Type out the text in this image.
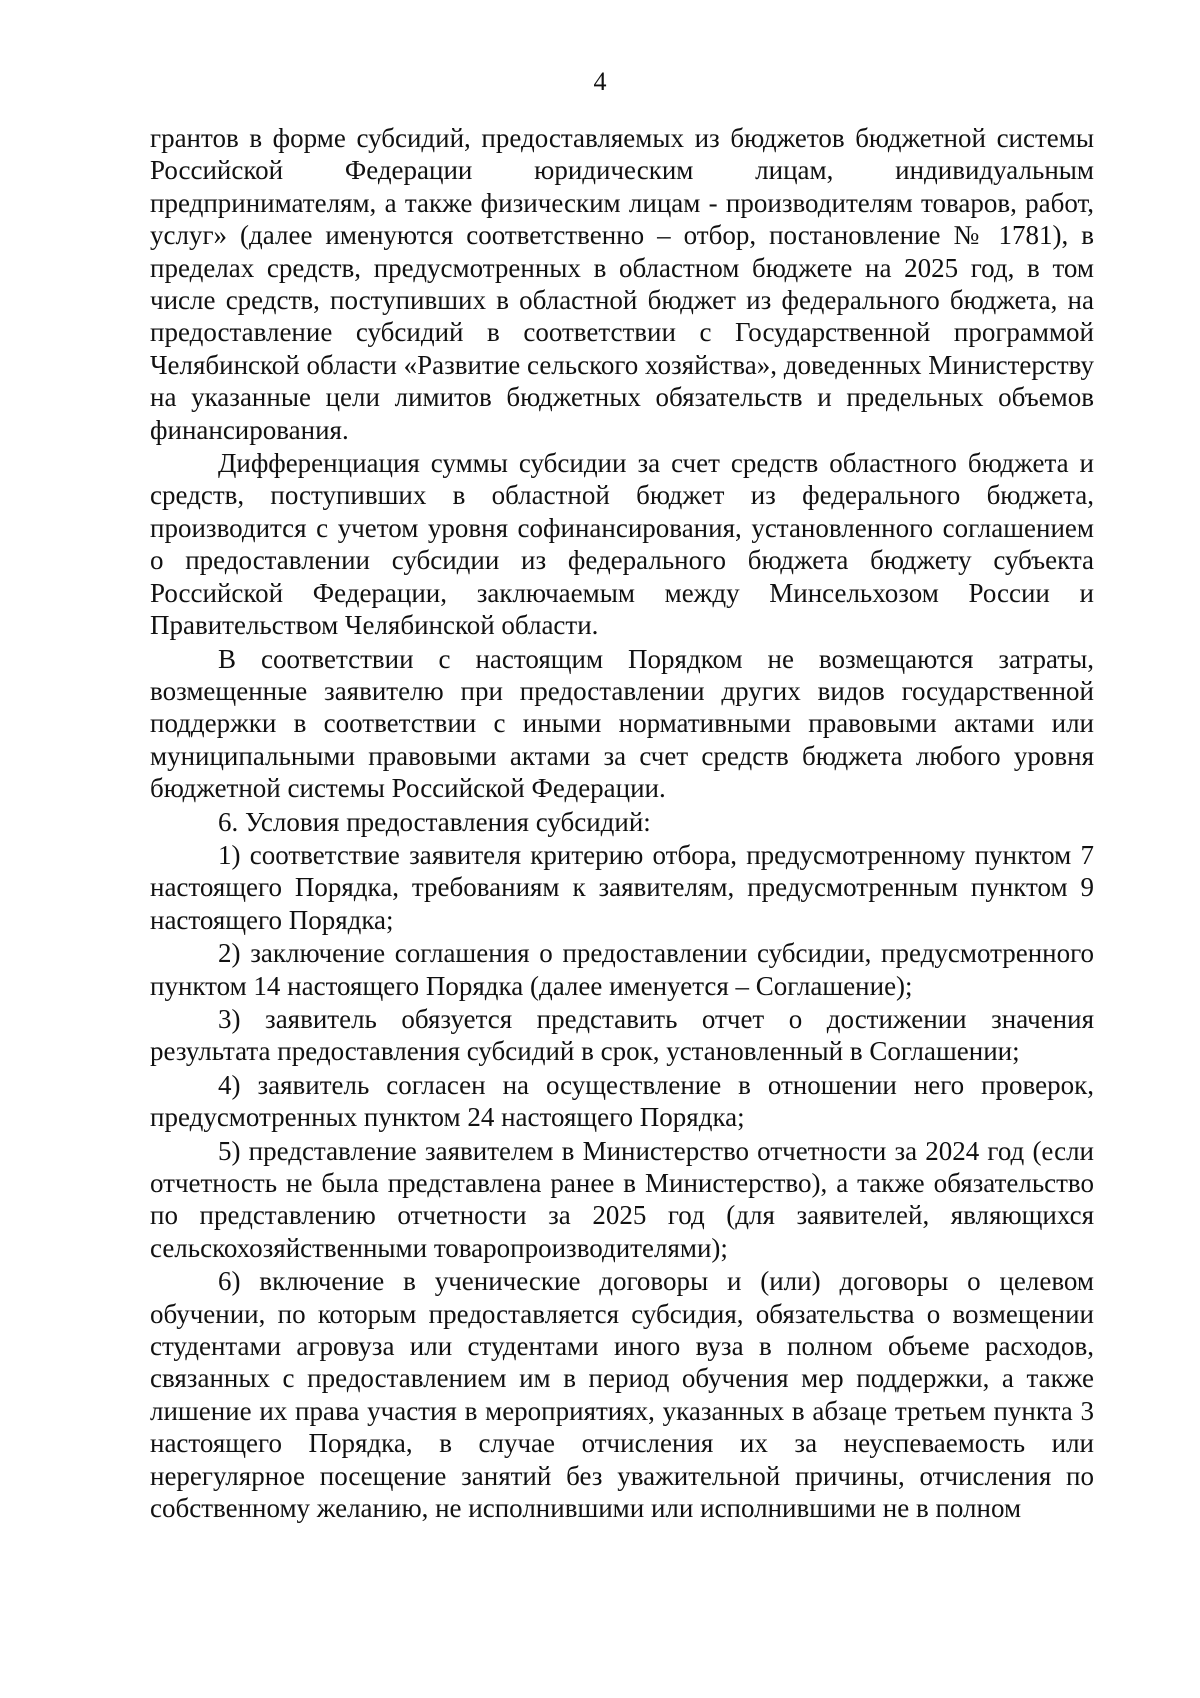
4

грантов в форме субсидий, предоставляемых из бюджетов бюджетной системы Российской Федерации юридическим лицам, индивидуальным предпринимателям, а также физическим лицам - производителям товаров, работ, услуг» (далее именуются соответственно – отбор, постановление № 1781), в пределах средств, предусмотренных в областном бюджете на 2025 год, в том числе средств, поступивших в областной бюджет из федерального бюджета, на предоставление субсидий в соответствии с Государственной программой Челябинской области «Развитие сельского хозяйства», доведенных Министерству на указанные цели лимитов бюджетных обязательств и предельных объемов финансирования.

Дифференциация суммы субсидии за счет средств областного бюджета и средств, поступивших в областной бюджет из федерального бюджета, производится с учетом уровня софинансирования, установленного соглашением о предоставлении субсидии из федерального бюджета бюджету субъекта Российской Федерации, заключаемым между Минсельхозом России и Правительством Челябинской области.

В соответствии с настоящим Порядком не возмещаются затраты, возмещенные заявителю при предоставлении других видов государственной поддержки в соответствии с иными нормативными правовыми актами или муниципальными правовыми актами за счет средств бюджета любого уровня бюджетной системы Российской Федерации.

6. Условия предоставления субсидий:

1) соответствие заявителя критерию отбора, предусмотренному пунктом 7 настоящего Порядка, требованиям к заявителям, предусмотренным пунктом 9 настоящего Порядка;

2) заключение соглашения о предоставлении субсидии, предусмотренного пунктом 14 настоящего Порядка (далее именуется – Соглашение);

3) заявитель обязуется представить отчет о достижении значения результата предоставления субсидий в срок, установленный в Соглашении;

4) заявитель согласен на осуществление в отношении него проверок, предусмотренных пунктом 24 настоящего Порядка;

5) представление заявителем в Министерство отчетности за 2024 год (если отчетность не была представлена ранее в Министерство), а также обязательство по представлению отчетности за 2025 год (для заявителей, являющихся сельскохозяйственными товаропроизводителями);

6) включение в ученические договоры и (или) договоры о целевом обучении, по которым предоставляется субсидия, обязательства о возмещении студентами агровуза или студентами иного вуза в полном объеме расходов, связанных с предоставлением им в период обучения мер поддержки, а также лишение их права участия в мероприятиях, указанных в абзаце третьем пункта 3 настоящего Порядка, в случае отчисления их за неуспеваемость или нерегулярное посещение занятий без уважительной причины, отчисления по собственному желанию, не исполнившими или исполнившими не в полном
